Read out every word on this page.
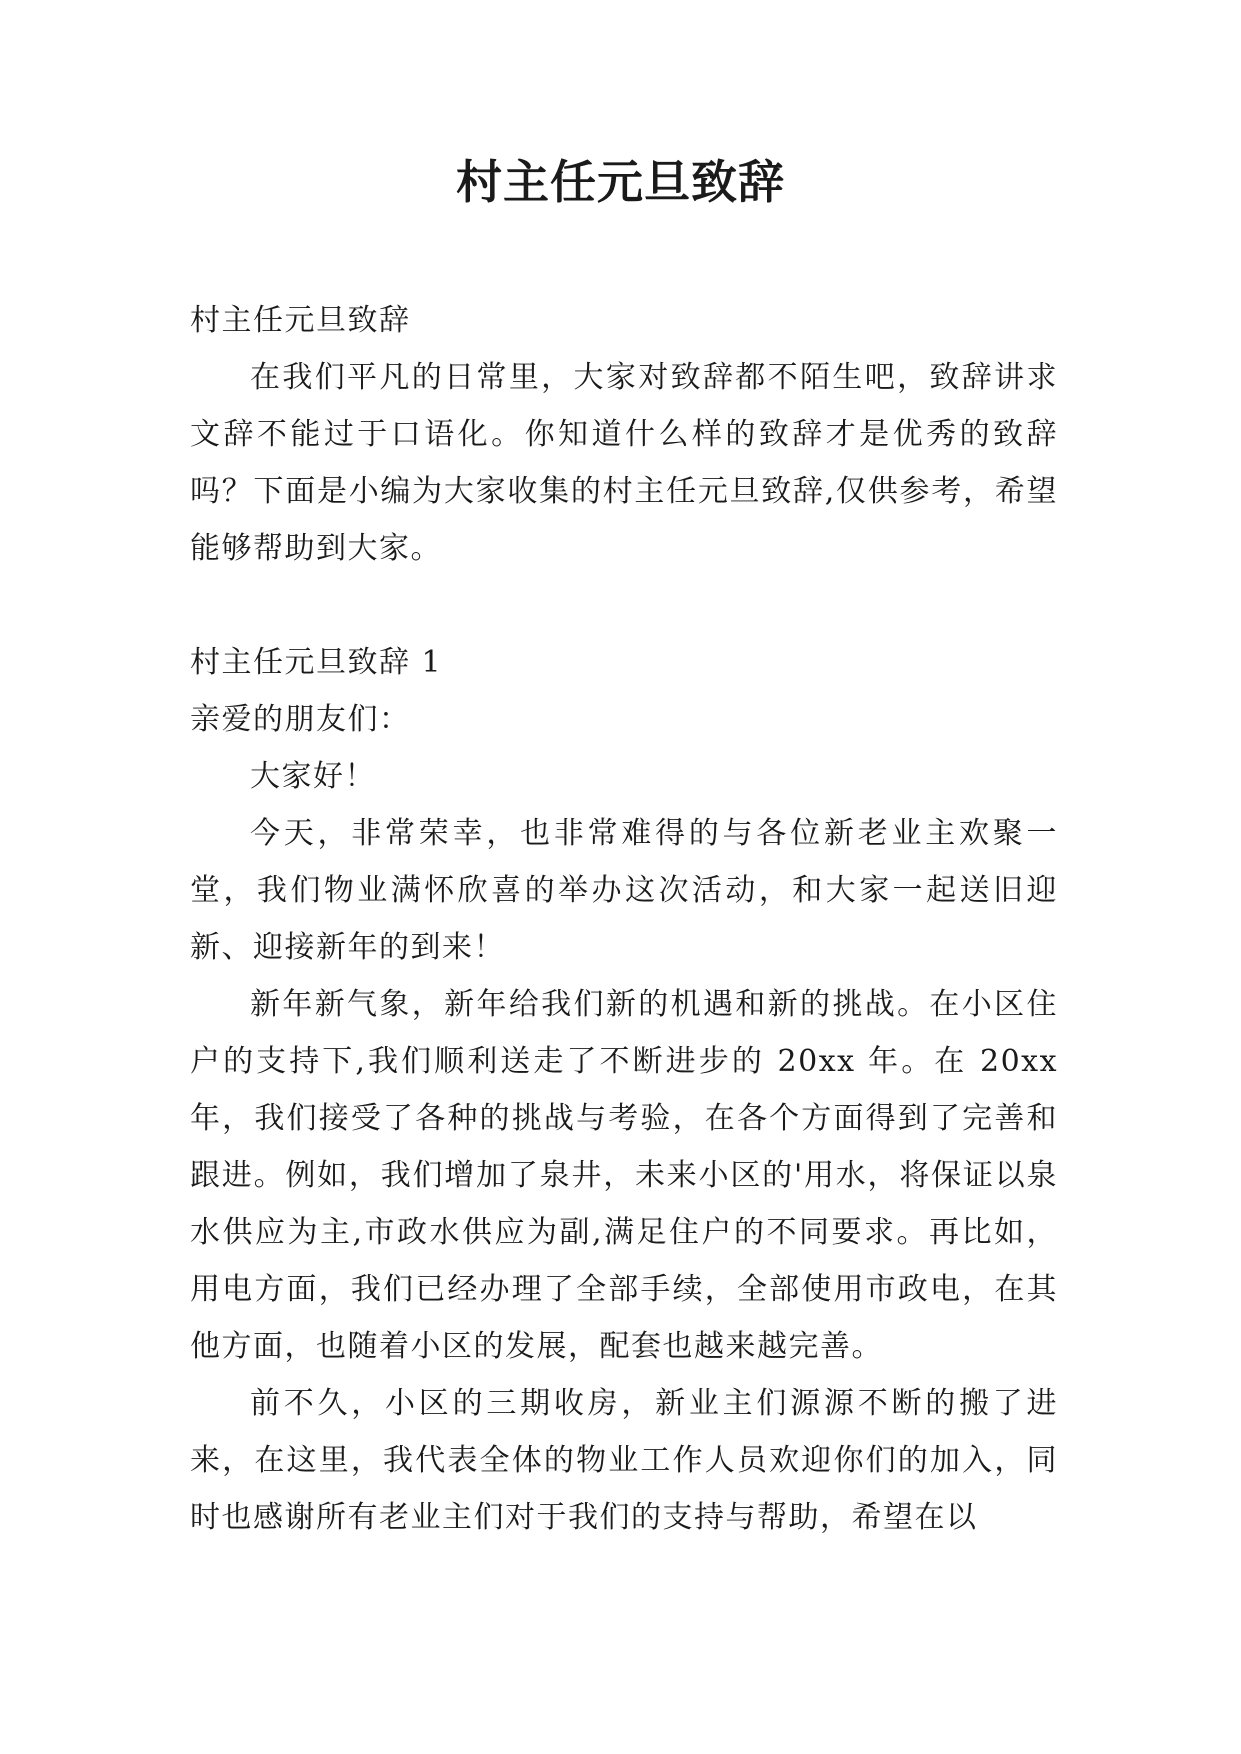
村主任元旦致辞

村主任元旦致辞

在我们平凡的日常里，大家对致辞都不陌生吧，致辞讲求文辞不能过于口语化。你知道什么样的致辞才是优秀的致辞吗？下面是小编为大家收集的村主任元旦致辞,仅供参考，希望能够帮助到大家。

村主任元旦致辞 1

亲爱的朋友们：

大家好！

今天，非常荣幸，也非常难得的与各位新老业主欢聚一堂，我们物业满怀欣喜的举办这次活动，和大家一起送旧迎新、迎接新年的到来！

新年新气象，新年给我们新的机遇和新的挑战。在小区住户的支持下,我们顺利送走了不断进步的 20xx 年。在 20xx 年，我们接受了各种的挑战与考验，在各个方面得到了完善和跟进。例如，我们增加了泉井，未来小区的'用水，将保证以泉水供应为主,市政水供应为副,满足住户的不同要求。再比如，用电方面，我们已经办理了全部手续，全部使用市政电，在其他方面，也随着小区的发展，配套也越来越完善。

前不久，小区的三期收房，新业主们源源不断的搬了进来，在这里，我代表全体的物业工作人员欢迎你们的加入，同时也感谢所有老业主们对于我们的支持与帮助，希望在以
